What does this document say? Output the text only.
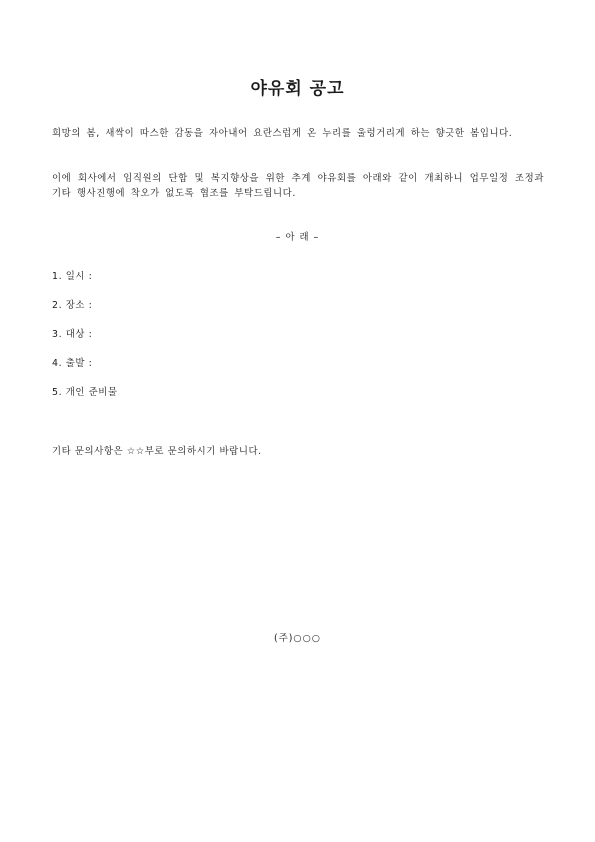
야유회 공고
희망의 봄, 새싹이 따스한 감동을 자아내어 요란스럽게 온 누리를 울렁거리게 하는 향긋한 봄입니다.
이에 회사에서 임직원의 단합 및 복지향상을 위한 추계 야유회를 아래와 같이 개최하니 업무일정 조정과 기타 행사진행에 착오가 없도록 협조를 부탁드립니다.
– 아 래 –
1. 일시 :
2. 장소 :
3. 대상 :
4. 출발 :
5. 개인 준비물
기타 문의사항은 ☆☆부로 문의하시기 바랍니다.
(주)○○○
